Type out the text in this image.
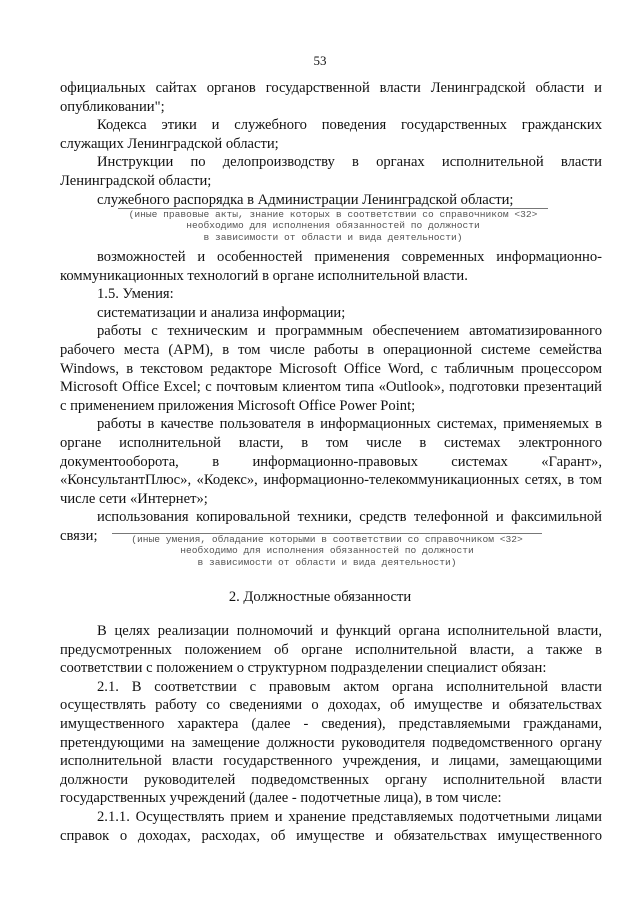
53

официальных сайтах органов государственной власти Ленинградской области и опубликовании";

Кодекса этики и служебного поведения государственных гражданских служащих Ленинградской области;

Инструкции по делопроизводству в органах исполнительной власти Ленинградской области;

служебного распорядка в Администрации Ленинградской области;

(иные правовые акты, знание которых в соответствии со справочником <32>
необходимо для исполнения обязанностей по должности
в зависимости от области и вида деятельности)

возможностей и особенностей применения современных информационно-коммуникационных технологий в органе исполнительной власти.

1.5. Умения:

систематизации и анализа информации;

работы с техническим и программным обеспечением автоматизированного рабочего места (АРМ), в том числе работы в операционной системе семейства Windows, в текстовом редакторе Microsoft Office Word, с табличным процессором Microsoft Office Excel; с почтовым клиентом типа «Outlook», подготовки презентаций с применением приложения Microsoft Office Power Point;

работы в качестве пользователя в информационных системах, применяемых в органе исполнительной власти, в том числе в системах электронного документооборота, в информационно-правовых системах «Гарант», «КонсультантПлюс», «Кодекс», информационно-телекоммуникационных сетях, в том числе сети «Интернет»;

использования копировальной техники, средств телефонной и факсимильной связи;	(иные умения, обладание которыми в соответствии со справочником <32>
необходимо для исполнения обязанностей по должности
в зависимости от области и вида деятельности)
2. Должностные обязанности

В целях реализации полномочий и функций органа исполнительной власти, предусмотренных положением об органе исполнительной власти, а также в соответствии с положением о структурном подразделении специалист обязан:

2.1. В соответствии с правовым актом органа исполнительной власти осуществлять работу со сведениями о доходах, об имуществе и обязательствах имущественного характера (далее - сведения), представляемыми гражданами, претендующими на замещение должности руководителя подведомственного органу исполнительной власти государственного учреждения, и лицами, замещающими должности руководителей подведомственных органу исполнительной власти государственных учреждений (далее - подотчетные лица), в том числе:

2.1.1. Осуществлять прием и хранение представляемых подотчетными лицами справок о доходах, расходах, об имуществе и обязательствах имущественного
